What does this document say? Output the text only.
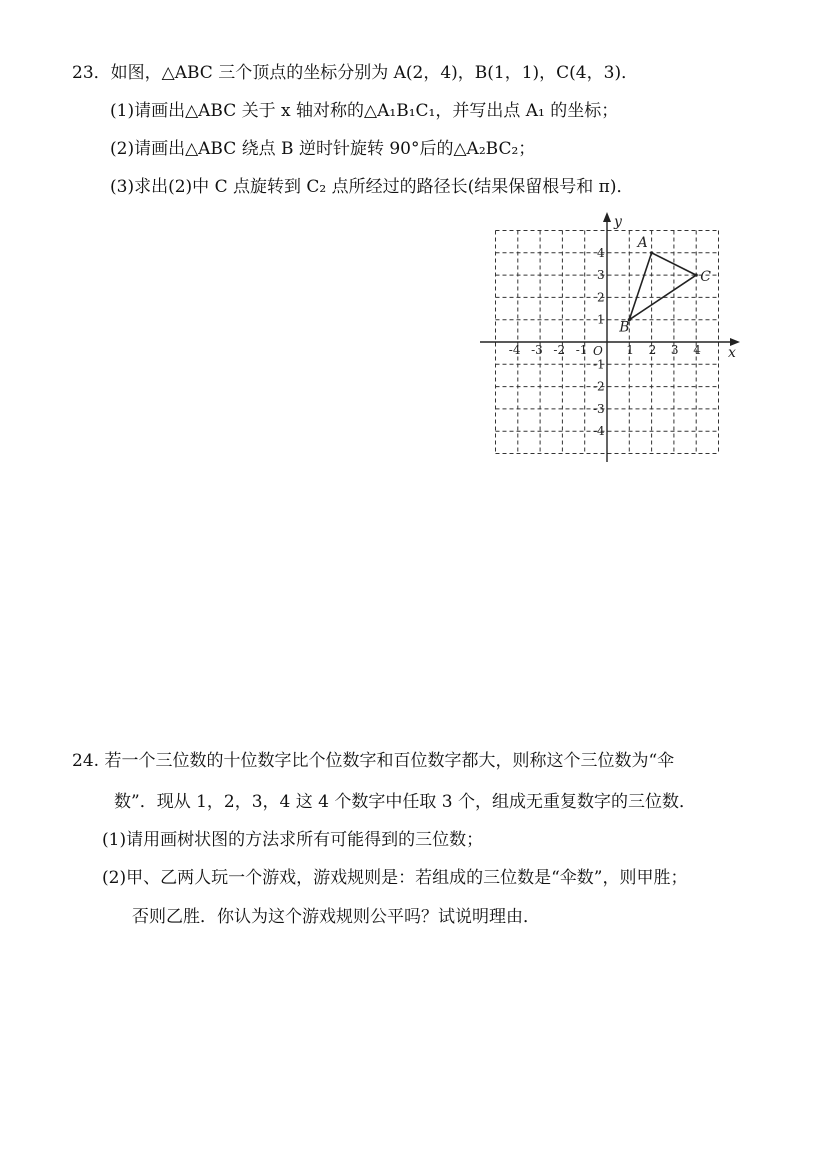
23．如图，△ABC 三个顶点的坐标分别为 A(2，4)，B(1，1)，C(4，3)．
(1)请画出△ABC 关于 x 轴对称的△A₁B₁C₁，并写出点 A₁ 的坐标；
(2)请画出△ABC 绕点 B 逆时针旋转 90°后的△A₂BC₂；
(3)求出(2)中 C 点旋转到 C₂ 点所经过的路径长(结果保留根号和 π)．
x
y
O
-4 -3 -2 -1	1 2 3 4
4
3
2
1
-1
-2
-3
-4
A
B
C
24. 若一个三位数的十位数字比个位数字和百位数字都大，则称这个三位数为“伞
数”．现从 1，2，3，4 这 4 个数字中任取 3 个，组成无重复数字的三位数．
(1)请用画树状图的方法求所有可能得到的三位数；
(2)甲、乙两人玩一个游戏，游戏规则是：若组成的三位数是“伞数”，则甲胜；
否则乙胜．你认为这个游戏规则公平吗？试说明理由．
